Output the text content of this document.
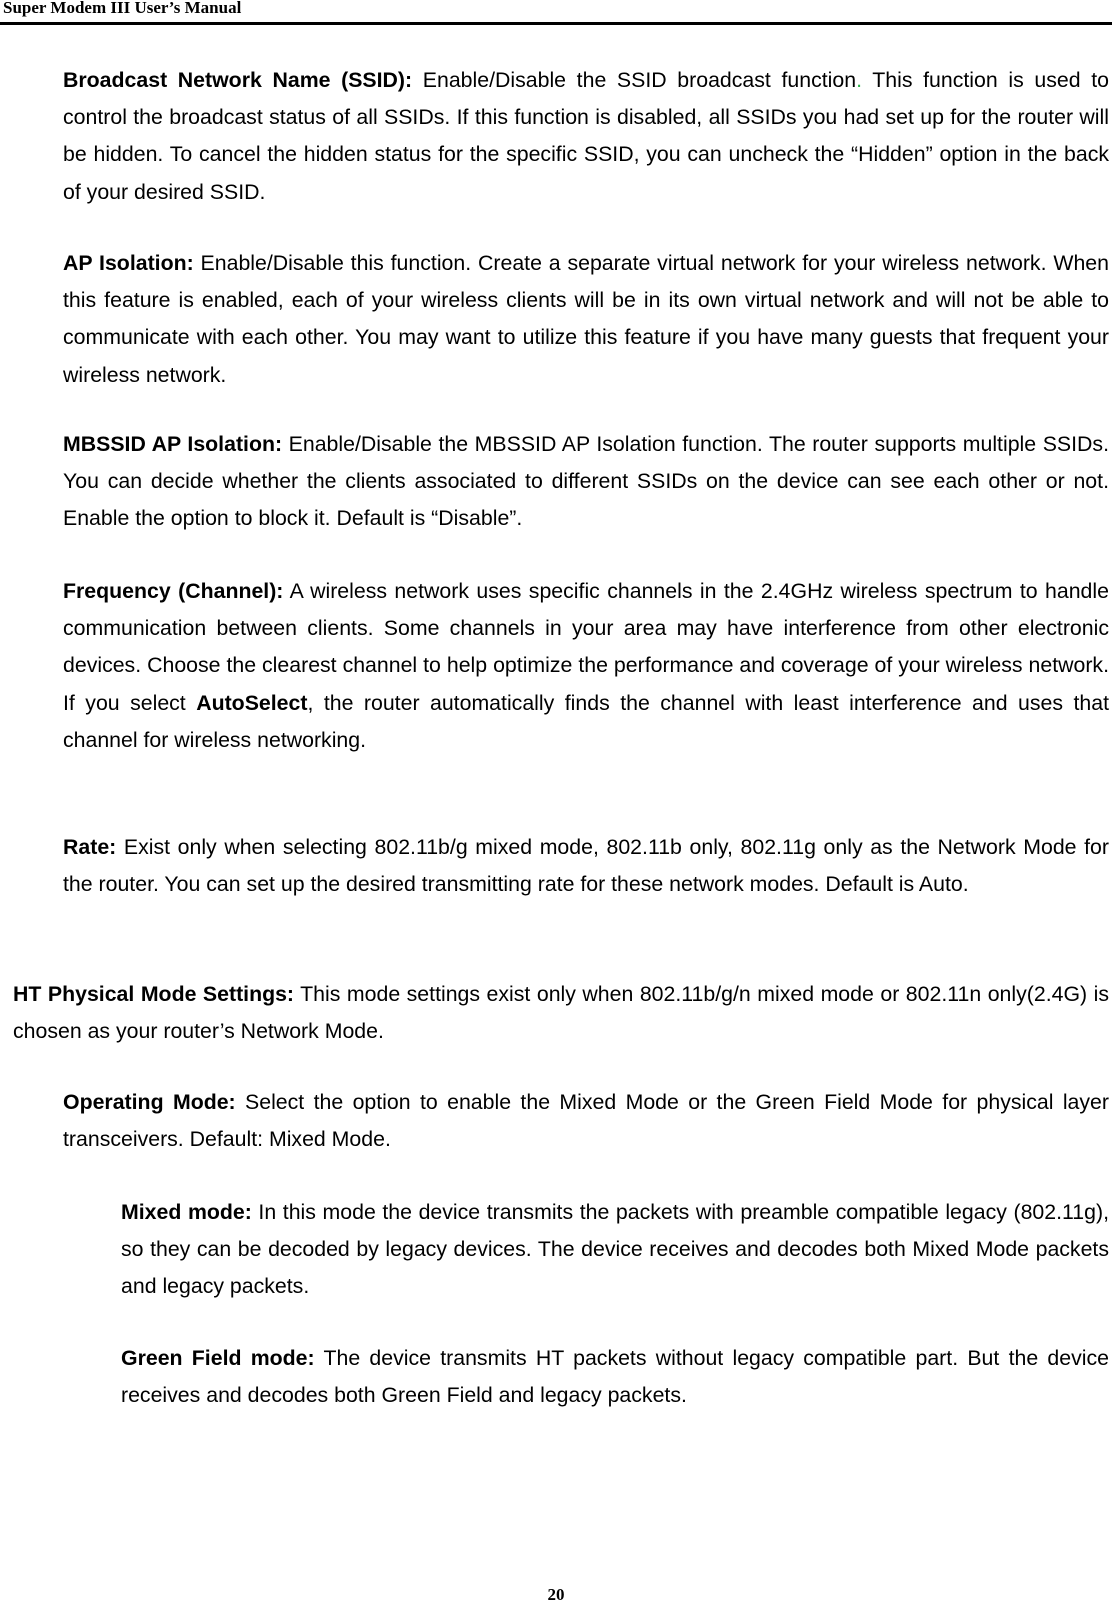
Super Modem III User’s Manual
Broadcast Network Name (SSID): Enable/Disable the SSID broadcast function. This function is used to control the broadcast status of all SSIDs. If this function is disabled, all SSIDs you had set up for the router will be hidden. To cancel the hidden status for the specific SSID, you can uncheck the “Hidden” option in the back of your desired SSID.
AP Isolation: Enable/Disable this function. Create a separate virtual network for your wireless network. When this feature is enabled, each of your wireless clients will be in its own virtual network and will not be able to communicate with each other. You may want to utilize this feature if you have many guests that frequent your wireless network.
MBSSID AP Isolation: Enable/Disable the MBSSID AP Isolation function. The router supports multiple SSIDs. You can decide whether the clients associated to different SSIDs on the device can see each other or not. Enable the option to block it. Default is “Disable”.
Frequency (Channel): A wireless network uses specific channels in the 2.4GHz wireless spectrum to handle communication between clients. Some channels in your area may have interference from other electronic devices. Choose the clearest channel to help optimize the performance and coverage of your wireless network. If you select AutoSelect, the router automatically finds the channel with least interference and uses that channel for wireless networking.
Rate: Exist only when selecting 802.11b/g mixed mode, 802.11b only, 802.11g only as the Network Mode for the router. You can set up the desired transmitting rate for these network modes. Default is Auto.
HT Physical Mode Settings: This mode settings exist only when 802.11b/g/n mixed mode or 802.11n only(2.4G) is chosen as your router’s Network Mode.
Operating Mode: Select the option to enable the Mixed Mode or the Green Field Mode for physical layer transceivers. Default: Mixed Mode.
Mixed mode: In this mode the device transmits the packets with preamble compatible legacy (802.11g), so they can be decoded by legacy devices. The device receives and decodes both Mixed Mode packets and legacy packets.
Green Field mode: The device transmits HT packets without legacy compatible part. But the device receives and decodes both Green Field and legacy packets.
20
